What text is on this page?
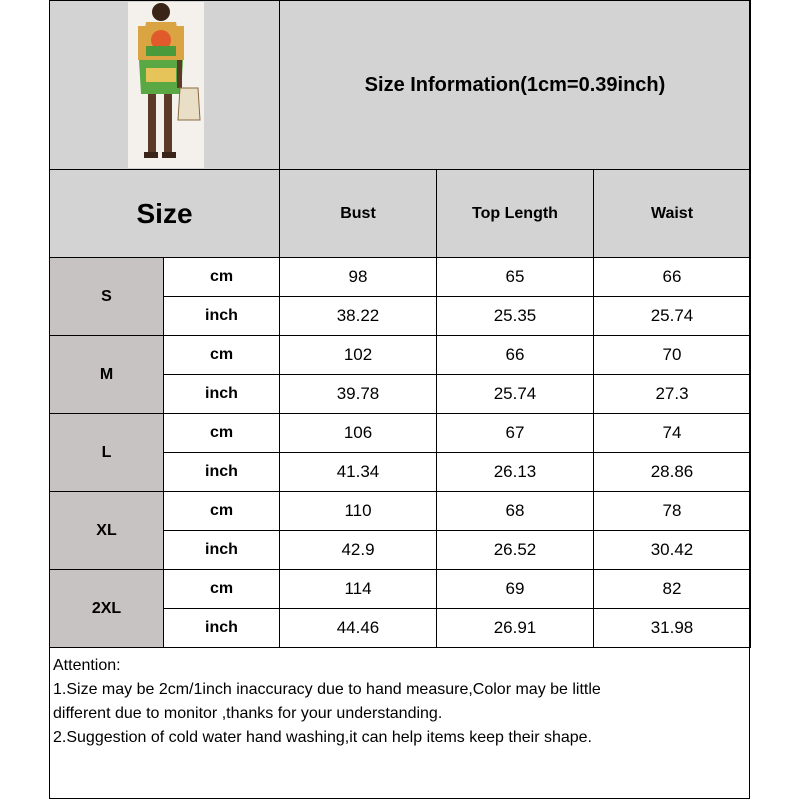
	Size Information(1cm=0.39inch)		
Size		Bust	Top Length	Waist
S	cm	98	65	66
	inch	38.22	25.35	25.74
M	cm	102	66	70
	inch	39.78	25.74	27.3
L	cm	106	67	74
	inch	41.34	26.13	28.86
XL	cm	110	68	78
	inch	42.9	26.52	30.42
2XL	cm	114	69	82
	inch	44.46	26.91	31.98
Attention:
1.Size may be 2cm/1inch inaccuracy due to hand measure,Color may be little
different due to monitor ,thanks for your understanding.
2.Suggestion of cold water hand washing,it can help items keep their shape.
